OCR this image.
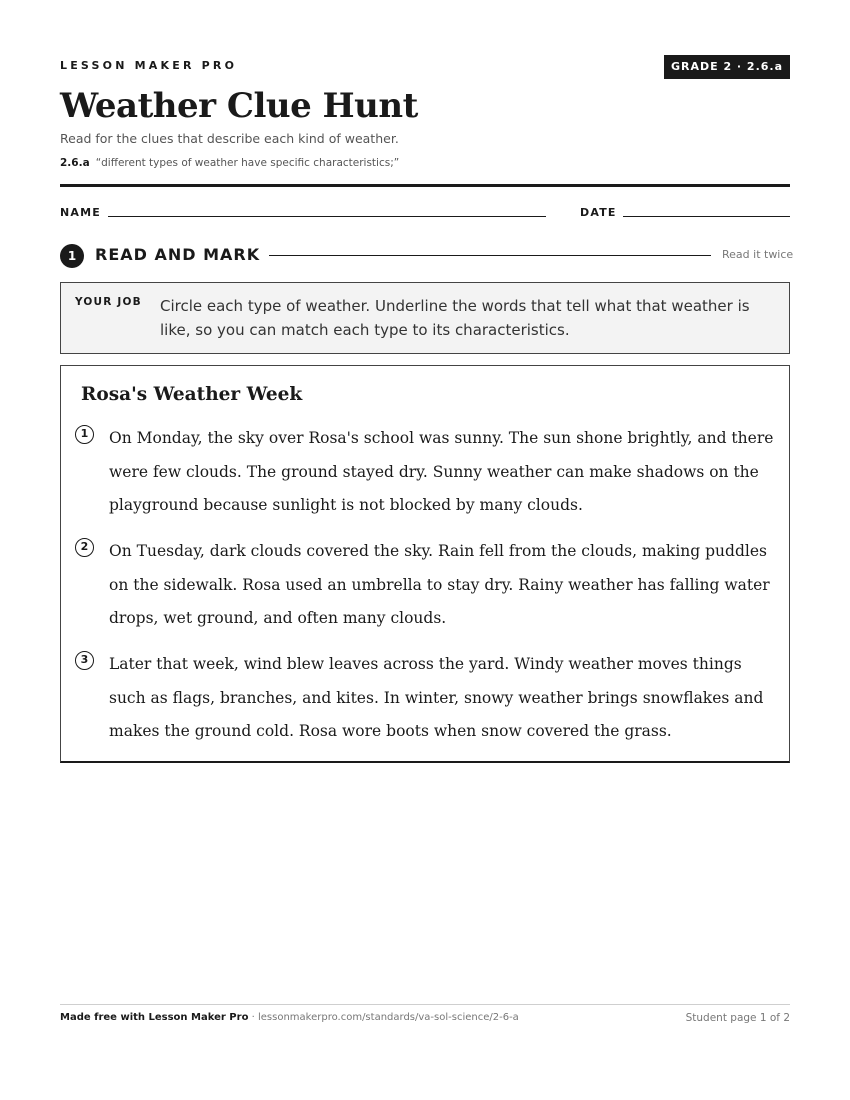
LESSON MAKER PRO	GRADE 2 · 2.6.a
Weather Clue Hunt
Read for the clues that describe each kind of weather.
2.6.a “different types of weather have specific characteristics;”
NAME	DATE
1	READ AND MARK	Read it twice
YOUR JOB Circle each type of weather. Underline the words that tell what that weather is like, so you can match each type to its characteristics.
Rosa's Weather Week
1	On Monday, the sky over Rosa's school was sunny. The sun shone brightly, and there were few clouds. The ground stayed dry. Sunny weather can make shadows on the playground because sunlight is not blocked by many clouds.
2	On Tuesday, dark clouds covered the sky. Rain fell from the clouds, making puddles on the sidewalk. Rosa used an umbrella to stay dry. Rainy weather has falling water drops, wet ground, and often many clouds.
3	Later that week, wind blew leaves across the yard. Windy weather moves things such as flags, branches, and kites. In winter, snowy weather brings snowflakes and makes the ground cold. Rosa wore boots when snow covered the grass.
Made free with Lesson Maker Pro · lessonmakerpro.com/standards/va-sol-science/2-6-a	Student page 1 of 2
